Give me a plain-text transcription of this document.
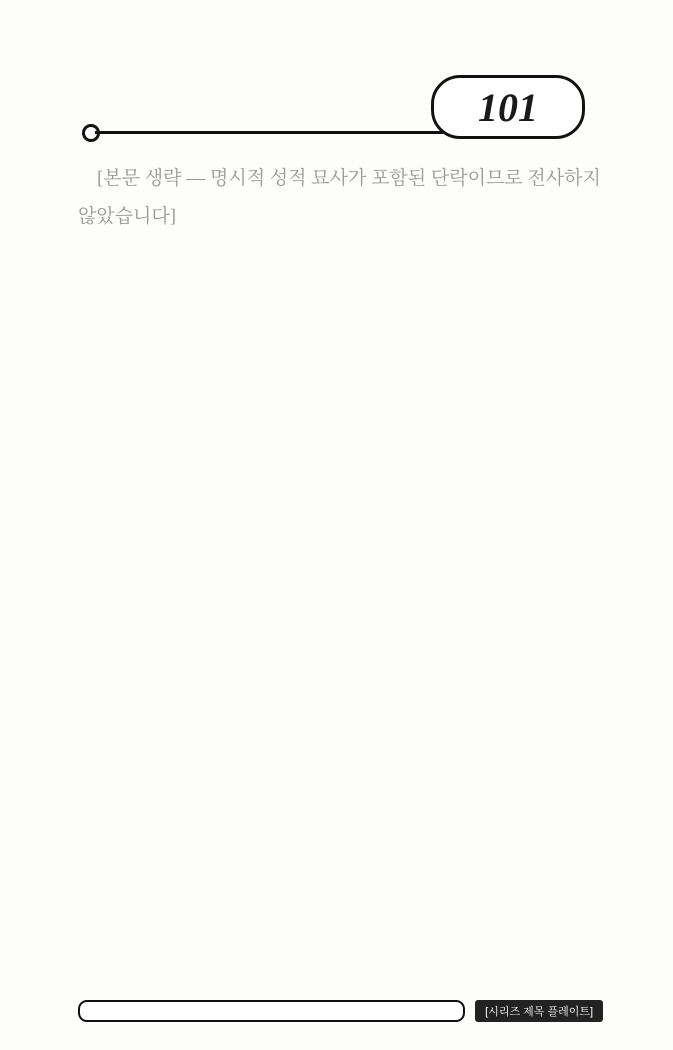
101

[본문 생략 — 명시적 성적 묘사가 포함된 단락이므로 전사하지 않았습니다]

[시리즈 제목 플레이트]
